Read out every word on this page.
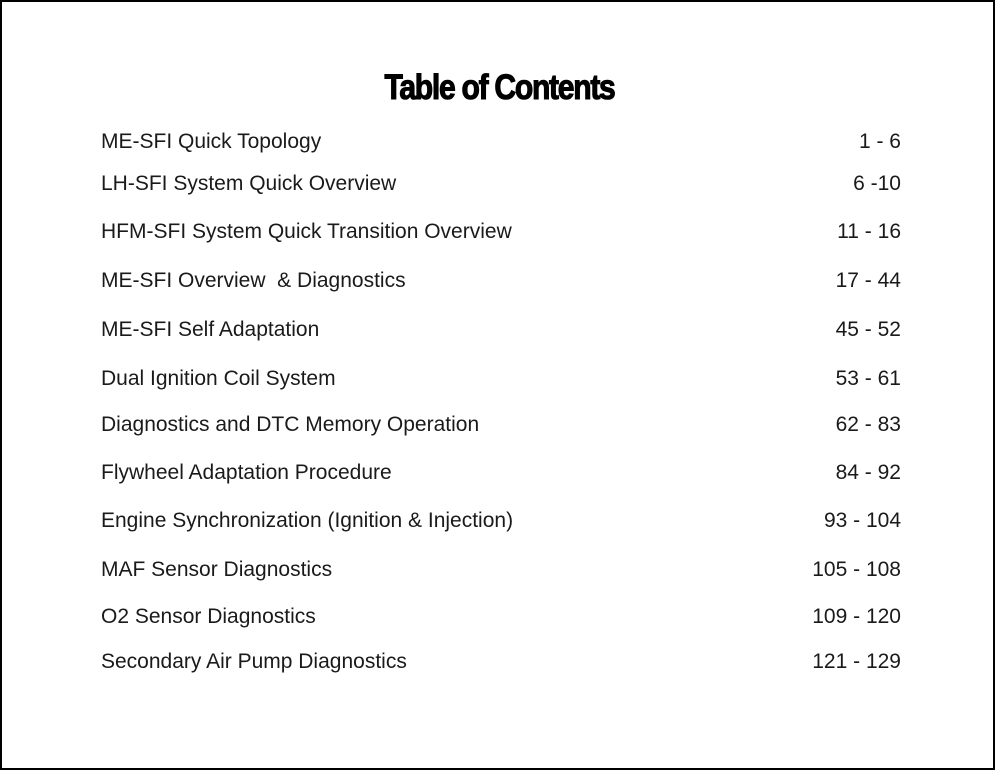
Table of Contents
ME-SFI Quick Topology	1 - 6
LH-SFI System Quick Overview	6 -10
HFM-SFI System Quick Transition Overview	11 - 16
ME-SFI Overview  & Diagnostics	17 - 44
ME-SFI Self Adaptation	45 - 52
Dual Ignition Coil System	53 - 61
Diagnostics and DTC Memory Operation	62 - 83
Flywheel Adaptation Procedure	84 - 92
Engine Synchronization (Ignition & Injection)	93 - 104
MAF Sensor Diagnostics	105 - 108
O2 Sensor Diagnostics	109 - 120
Secondary Air Pump Diagnostics	121 - 129
